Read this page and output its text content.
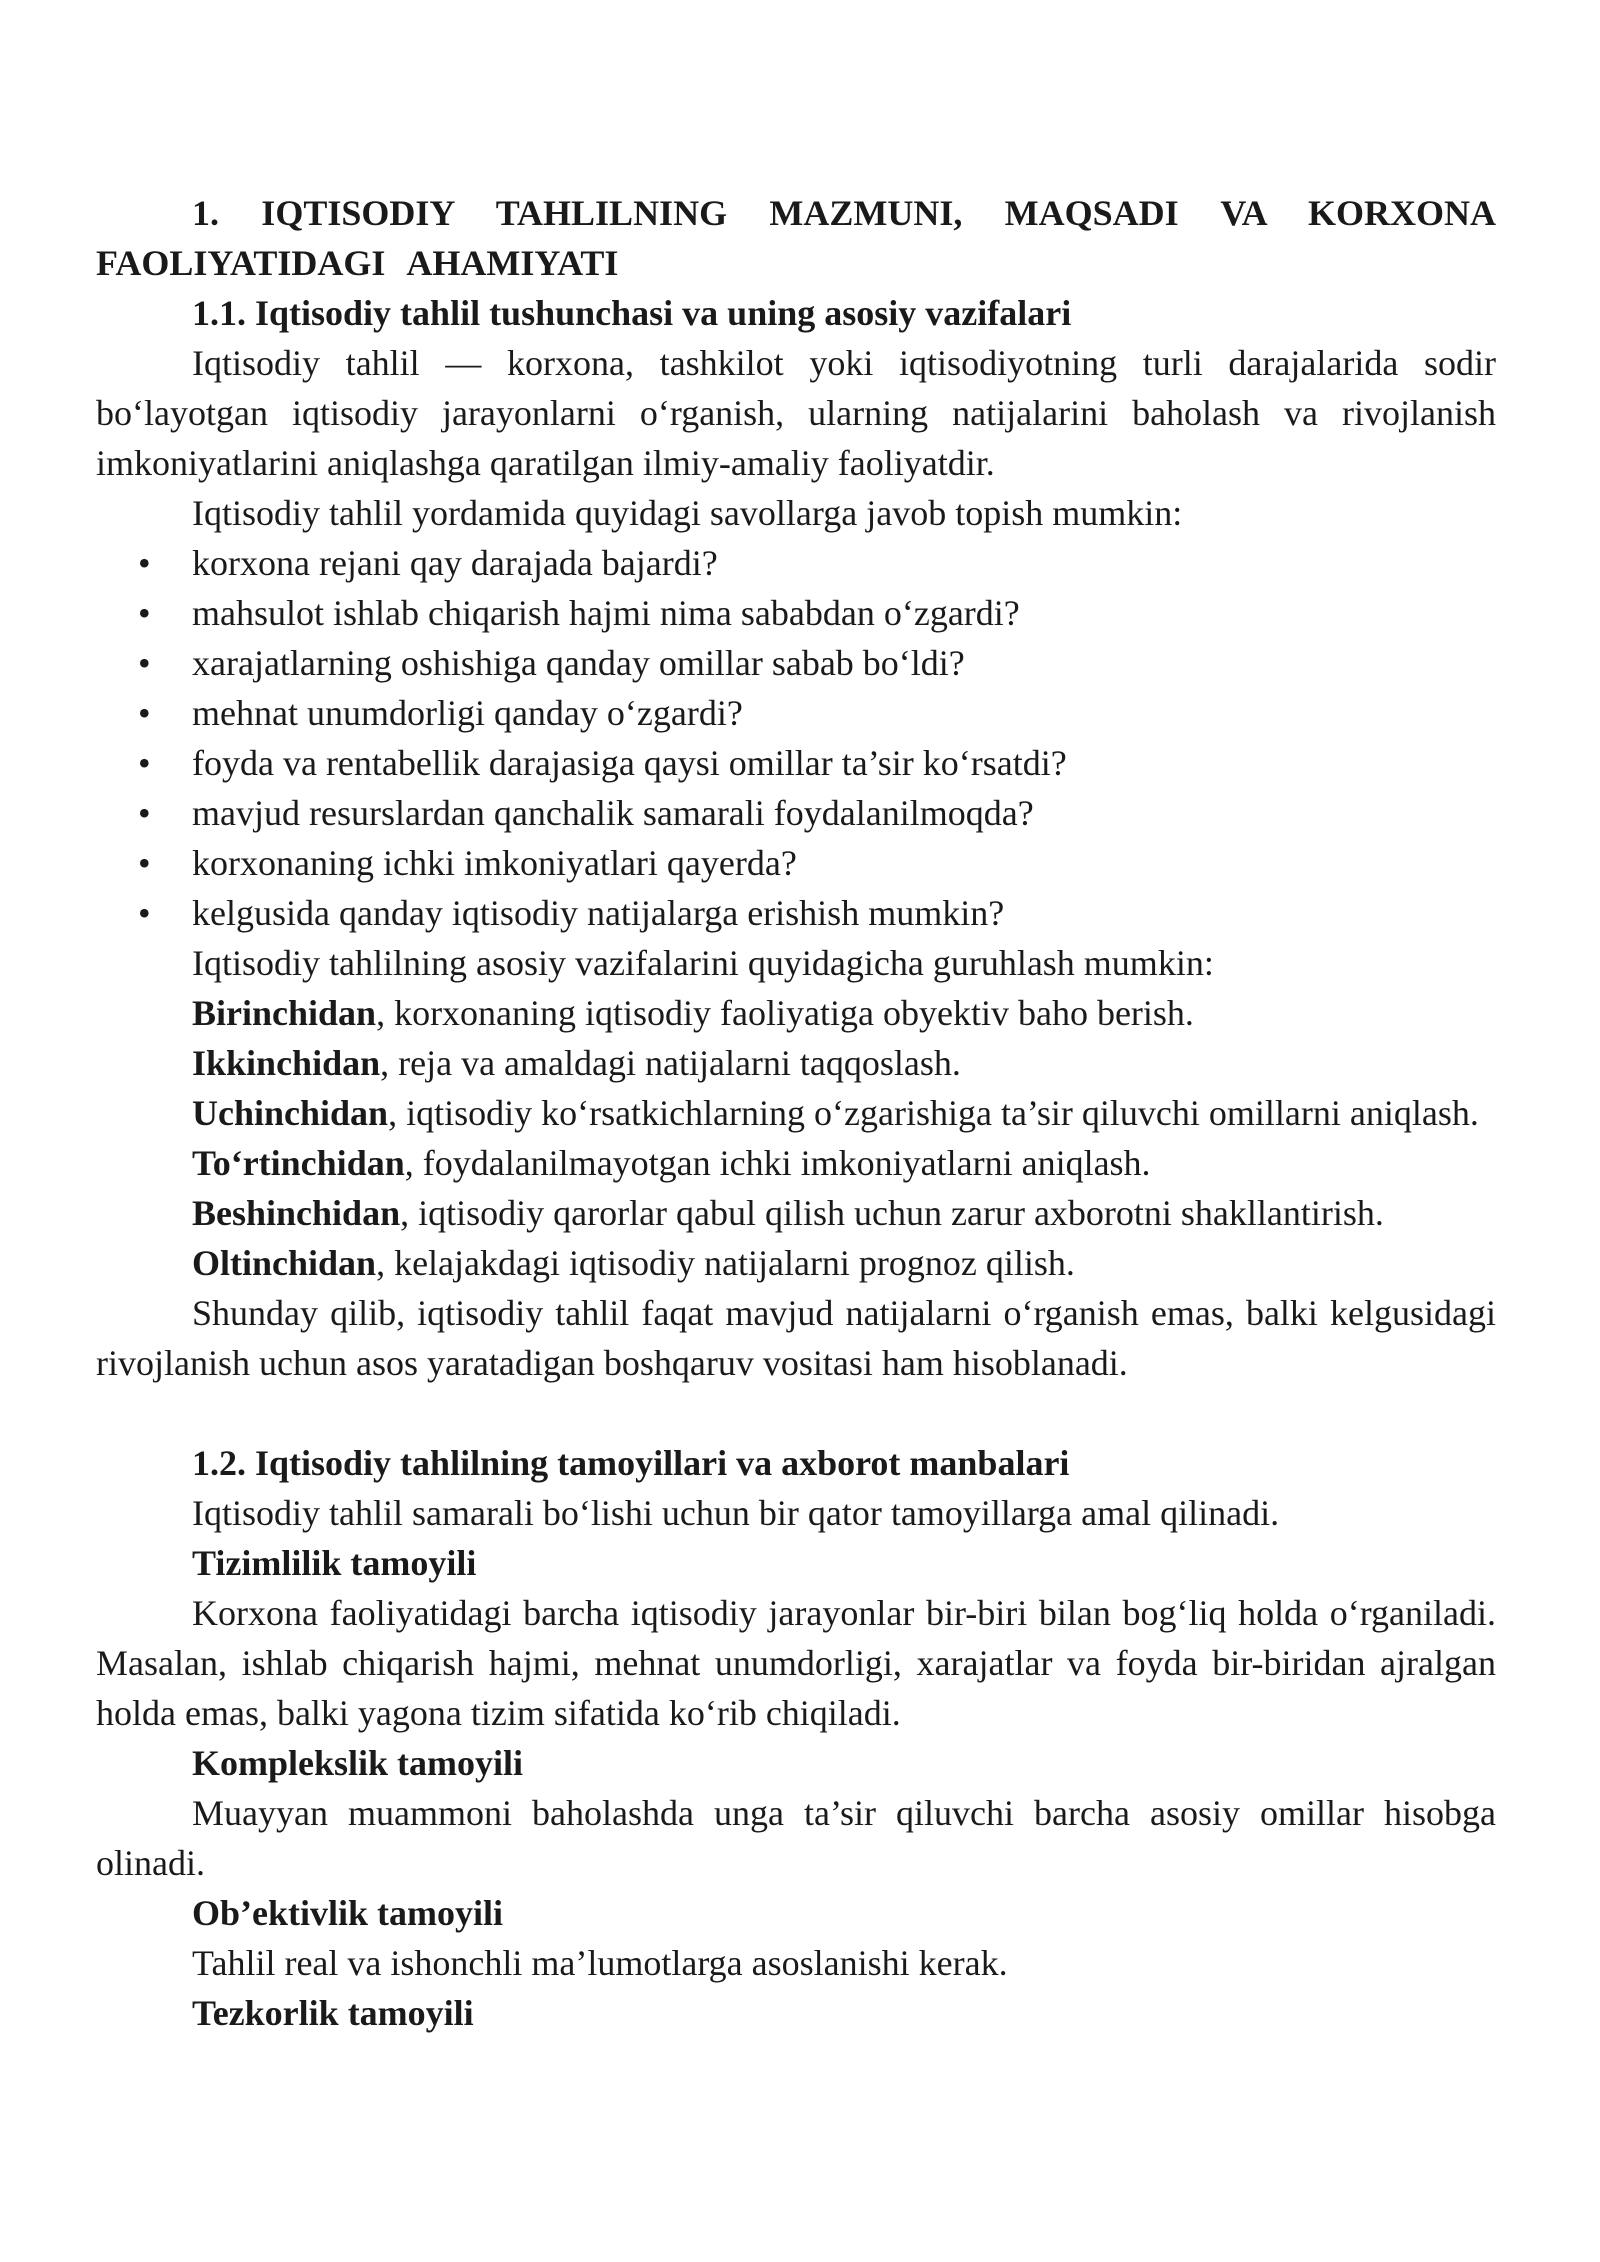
1. IQTISODIY TAHLILNING MAZMUNI, MAQSADI VA KORXONA FAOLIYATIDAGI AHAMIYATI

1.1. Iqtisodiy tahlil tushunchasi va uning asosiy vazifalari

Iqtisodiy tahlil — korxona, tashkilot yoki iqtisodiyotning turli darajalarida sodir bo‘layotgan iqtisodiy jarayonlarni o‘rganish, ularning natijalarini baholash va rivojlanish imkoniyatlarini aniqlashga qaratilgan ilmiy-amaliy faoliyatdir.

Iqtisodiy tahlil yordamida quyidagi savollarga javob topish mumkin:

• korxona rejani qay darajada bajardi?
• mahsulot ishlab chiqarish hajmi nima sababdan o‘zgardi?
• xarajatlarning oshishiga qanday omillar sabab bo‘ldi?
• mehnat unumdorligi qanday o‘zgardi?
• foyda va rentabellik darajasiga qaysi omillar ta’sir ko‘rsatdi?
• mavjud resurslardan qanchalik samarali foydalanilmoqda?
• korxonaning ichki imkoniyatlari qayerda?
• kelgusida qanday iqtisodiy natijalarga erishish mumkin?

Iqtisodiy tahlilning asosiy vazifalarini quyidagicha guruhlash mumkin:

Birinchidan, korxonaning iqtisodiy faoliyatiga obyektiv baho berish.

Ikkinchidan, reja va amaldagi natijalarni taqqoslash.

Uchinchidan, iqtisodiy ko‘rsatkichlarning o‘zgarishiga ta’sir qiluvchi omillarni aniqlash.

To‘rtinchidan, foydalanilmayotgan ichki imkoniyatlarni aniqlash.

Beshinchidan, iqtisodiy qarorlar qabul qilish uchun zarur axborotni shakllantirish.

Oltinchidan, kelajakdagi iqtisodiy natijalarni prognoz qilish.

Shunday qilib, iqtisodiy tahlil faqat mavjud natijalarni o‘rganish emas, balki kelgusidagi rivojlanish uchun asos yaratadigan boshqaruv vositasi ham hisoblanadi.

1.2. Iqtisodiy tahlilning tamoyillari va axborot manbalari

Iqtisodiy tahlil samarali bo‘lishi uchun bir qator tamoyillarga amal qilinadi.

Tizimlilik tamoyili

Korxona faoliyatidagi barcha iqtisodiy jarayonlar bir-biri bilan bog‘liq holda o‘rganiladi. Masalan, ishlab chiqarish hajmi, mehnat unumdorligi, xarajatlar va foyda bir-biridan ajralgan holda emas, balki yagona tizim sifatida ko‘rib chiqiladi.

Komplekslik tamoyili

Muayyan muammoni baholashda unga ta’sir qiluvchi barcha asosiy omillar hisobga olinadi.

Ob’ektivlik tamoyili

Tahlil real va ishonchli ma’lumotlarga asoslanishi kerak.

Tezkorlik tamoyili
